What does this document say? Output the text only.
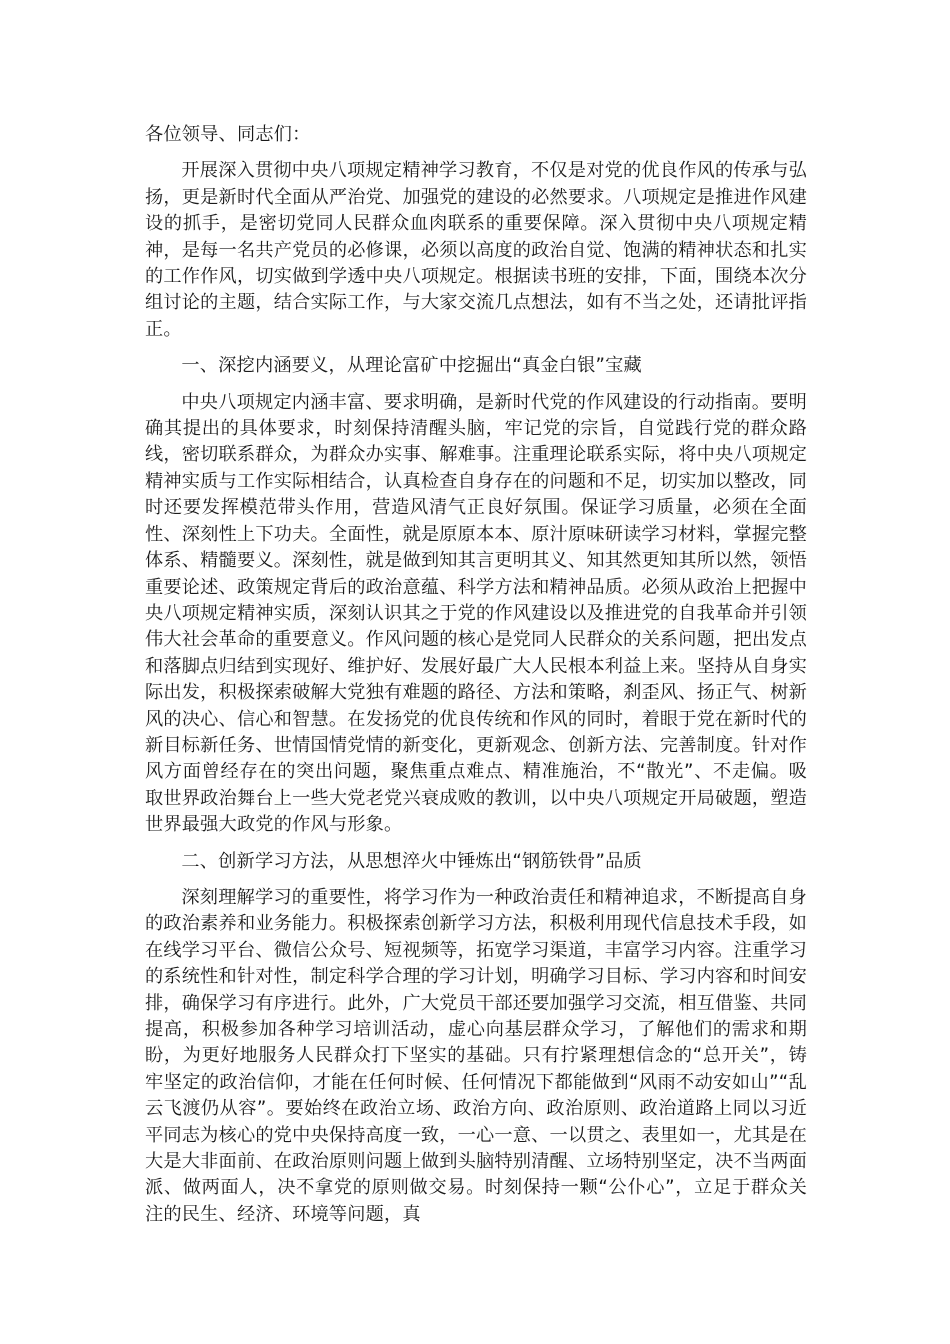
各位领导、同志们：

开展深入贯彻中央八项规定精神学习教育，不仅是对党的优良作风的传承与弘扬，更是新时代全面从严治党、加强党的建设的必然要求。八项规定是推进作风建设的抓手，是密切党同人民群众血肉联系的重要保障。深入贯彻中央八项规定精神，是每一名共产党员的必修课，必须以高度的政治自觉、饱满的精神状态和扎实的工作作风，切实做到学透中央八项规定。根据读书班的安排，下面，围绕本次分组讨论的主题，结合实际工作，与大家交流几点想法，如有不当之处，还请批评指正。

一、深挖内涵要义，从理论富矿中挖掘出“真金白银”宝藏

中央八项规定内涵丰富、要求明确，是新时代党的作风建设的行动指南。要明确其提出的具体要求，时刻保持清醒头脑，牢记党的宗旨，自觉践行党的群众路线，密切联系群众，为群众办实事、解难事。注重理论联系实际，将中央八项规定精神实质与工作实际相结合，认真检查自身存在的问题和不足，切实加以整改，同时还要发挥模范带头作用，营造风清气正良好氛围。保证学习质量，必须在全面性、深刻性上下功夫。全面性，就是原原本本、原汁原味研读学习材料，掌握完整体系、精髓要义。深刻性，就是做到知其言更明其义、知其然更知其所以然，领悟重要论述、政策规定背后的政治意蕴、科学方法和精神品质。必须从政治上把握中央八项规定精神实质，深刻认识其之于党的作风建设以及推进党的自我革命并引领伟大社会革命的重要意义。作风问题的核心是党同人民群众的关系问题，把出发点和落脚点归结到实现好、维护好、发展好最广大人民根本利益上来。坚持从自身实际出发，积极探索破解大党独有难题的路径、方法和策略，刹歪风、扬正气、树新风的决心、信心和智慧。在发扬党的优良传统和作风的同时，着眼于党在新时代的新目标新任务、世情国情党情的新变化，更新观念、创新方法、完善制度。针对作风方面曾经存在的突出问题，聚焦重点难点、精准施治，不“散光”、不走偏。吸取世界政治舞台上一些大党老党兴衰成败的教训，以中央八项规定开局破题，塑造世界最强大政党的作风与形象。

二、创新学习方法，从思想淬火中锤炼出“钢筋铁骨”品质

深刻理解学习的重要性，将学习作为一种政治责任和精神追求，不断提高自身的政治素养和业务能力。积极探索创新学习方法，积极利用现代信息技术手段，如在线学习平台、微信公众号、短视频等，拓宽学习渠道，丰富学习内容。注重学习的系统性和针对性，制定科学合理的学习计划，明确学习目标、学习内容和时间安排，确保学习有序进行。此外，广大党员干部还要加强学习交流，相互借鉴、共同提高，积极参加各种学习培训活动，虚心向基层群众学习，了解他们的需求和期盼，为更好地服务人民群众打下坚实的基础。只有拧紧理想信念的“总开关”，铸牢坚定的政治信仰，才能在任何时候、任何情况下都能做到“风雨不动安如山”“乱云飞渡仍从容”。要始终在政治立场、政治方向、政治原则、政治道路上同以习近平同志为核心的党中央保持高度一致，一心一意、一以贯之、表里如一，尤其是在大是大非面前、在政治原则问题上做到头脑特别清醒、立场特别坚定，决不当两面派、做两面人，决不拿党的原则做交易。时刻保持一颗“公仆心”，立足于群众关注的民生、经济、环境等问题，真
